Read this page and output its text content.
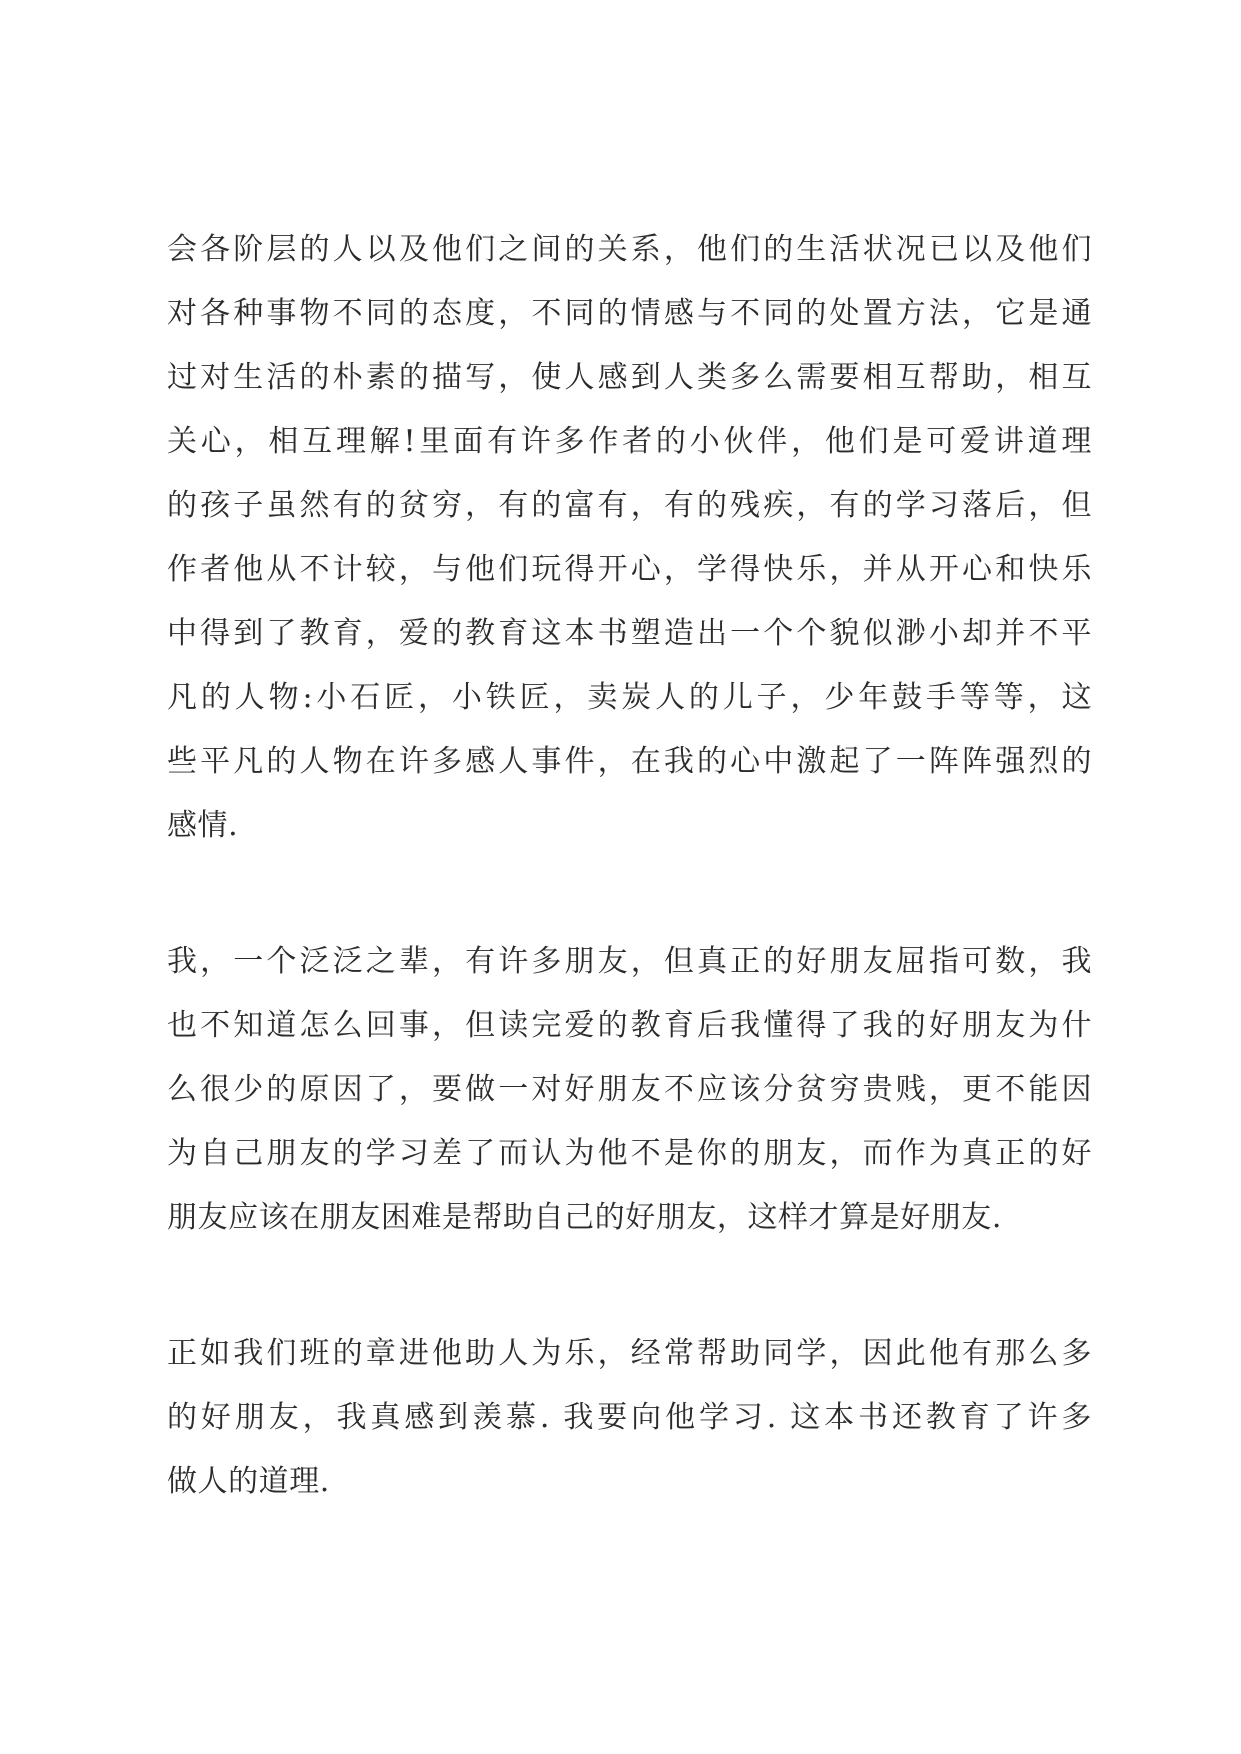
会各阶层的人以及他们之间的关系，他们的生活状况已以及他们
对各种事物不同的态度，不同的情感与不同的处置方法，它是通
过对生活的朴素的描写，使人感到人类多么需要相互帮助，相互
关心，相互理解!里面有许多作者的小伙伴，他们是可爱讲道理
的孩子虽然有的贫穷，有的富有，有的残疾，有的学习落后，但
作者他从不计较，与他们玩得开心，学得快乐，并从开心和快乐
中得到了教育，爱的教育这本书塑造出一个个貌似渺小却并不平
凡的人物:小石匠，小铁匠，卖炭人的儿子，少年鼓手等等，这
些平凡的人物在许多感人事件，在我的心中激起了一阵阵强烈的
感情.
我，一个泛泛之辈，有许多朋友，但真正的好朋友屈指可数，我
也不知道怎么回事，但读完爱的教育后我懂得了我的好朋友为什
么很少的原因了，要做一对好朋友不应该分贫穷贵贱，更不能因
为自己朋友的学习差了而认为他不是你的朋友，而作为真正的好
朋友应该在朋友困难是帮助自己的好朋友，这样才算是好朋友.
正如我们班的章进他助人为乐，经常帮助同学，因此他有那么多
的好朋友，我真感到羡慕. 我要向他学习. 这本书还教育了许多
做人的道理.
